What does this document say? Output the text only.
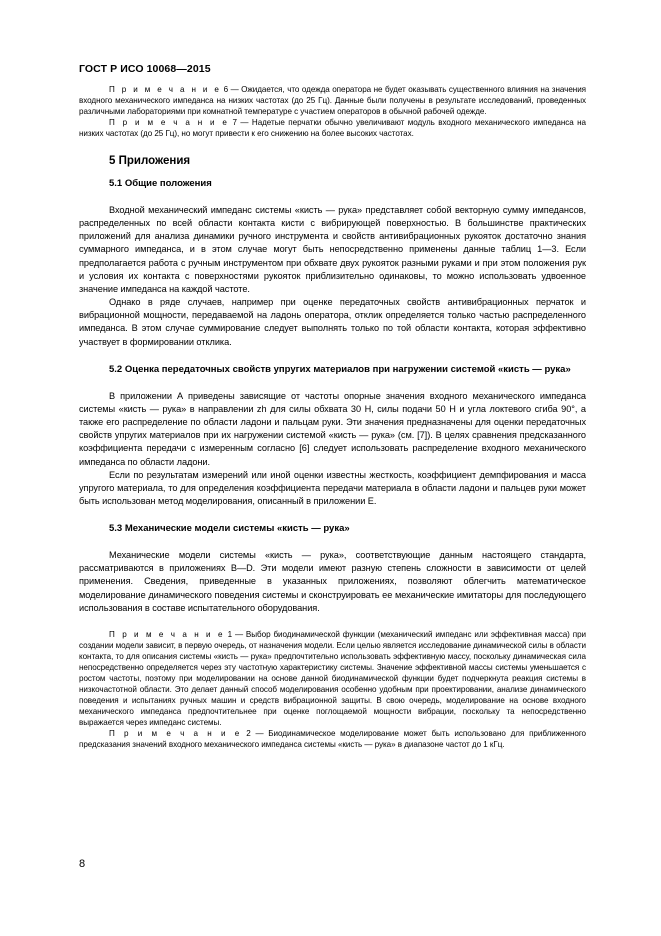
ГОСТ Р ИСО 10068—2015

П р и м е ч а н и е 6 — Ожидается, что одежда оператора не будет оказывать существенного влияния на значения входного механического импеданса на низких частотах (до 25 Гц). Данные были получены в результате исследований, проведенных различными лабораториями при комнатной температуре с участием операторов в обычной рабочей одежде.

П р и м е ч а н и е 7 — Надетые перчатки обычно увеличивают модуль входного механического импеданса на низких частотах (до 25 Гц), но могут привести к его снижению на более высоких частотах.

5 Приложения
5.1 Общие положения

Входной механический импеданс системы «кисть — рука» представляет собой векторную сумму импедансов, распределенных по всей области контакта кисти с вибрирующей поверхностью. В большинстве практических приложений для анализа динамики ручного инструмента и свойств антивибрационных рукояток достаточно знания суммарного импеданса, и в этом случае могут быть непосредственно применены данные таблиц 1—3. Если предполагается работа с ручным инструментом при обхвате двух рукояток разными руками и при этом положения рук и условия их контакта с поверхностями рукояток приблизительно одинаковы, то можно использовать удвоенное значение импеданса на каждой частоте.

Однако в ряде случаев, например при оценке передаточных свойств антивибрационных перчаток и вибрационной мощности, передаваемой на ладонь оператора, отклик определяется только частью распределенного импеданса. В этом случае суммирование следует выполнять только по той области контакта, которая эффективно участвует в формировании отклика.

5.2 Оценка передаточных свойств упругих материалов при нагружении системой «кисть — рука»

В приложении А приведены зависящие от частоты опорные значения входного механического импеданса системы «кисть — рука» в направлении zh для силы обхвата 30 Н, силы подачи 50 Н и угла локтевого сгиба 90°, а также его распределение по области ладони и пальцам руки. Эти значения предназначены для оценки передаточных свойств упругих материалов при их нагружении системой «кисть — рука» (см. [7]). В целях сравнения предсказанного коэффициента передачи с измеренным согласно [6] следует использовать распределение входного механического импеданса по области ладони.

Если по результатам измерений или иной оценки известны жесткость, коэффициент демпфирования и масса упругого материала, то для определения коэффициента передачи материала в области ладони и пальцев руки может быть использован метод моделирования, описанный в приложении Е.

5.3 Механические модели системы «кисть — рука»

Механические модели системы «кисть — рука», соответствующие данным настоящего стандарта, рассматриваются в приложениях В—D. Эти модели имеют разную степень сложности в зависимости от целей применения. Сведения, приведенные в указанных приложениях, позволяют облегчить математическое моделирование динамического поведения системы и сконструировать ее механические имитаторы для последующего использования в составе испытательного оборудования.

П р и м е ч а н и е 1 — Выбор биодинамической функции (механический импеданс или эффективная масса) при создании модели зависит, в первую очередь, от назначения модели. Если целью является исследование динамической силы в области контакта, то для описания системы «кисть — рука» предпочтительно использовать эффективную массу, поскольку динамическая сила непосредственно определяется через эту частотную характеристику системы. Значение эффективной массы системы уменьшается с ростом частоты, поэтому при моделировании на основе данной биодинамической функции будет подчеркнута реакция системы в низкочастотной области. Это делает данный способ моделирования особенно удобным при проектировании, анализе динамического поведения и испытаниях ручных машин и средств вибрационной защиты. В свою очередь, моделирование на основе входного механического импеданса предпочтительнее при оценке поглощаемой мощности вибрации, поскольку та непосредственно выражается через импеданс системы.

П р и м е ч а н и е 2 — Биодинамическое моделирование может быть использовано для приближенного предсказания значений входного механического импеданса системы «кисть — рука» в диапазоне частот до 1 кГц.

8
